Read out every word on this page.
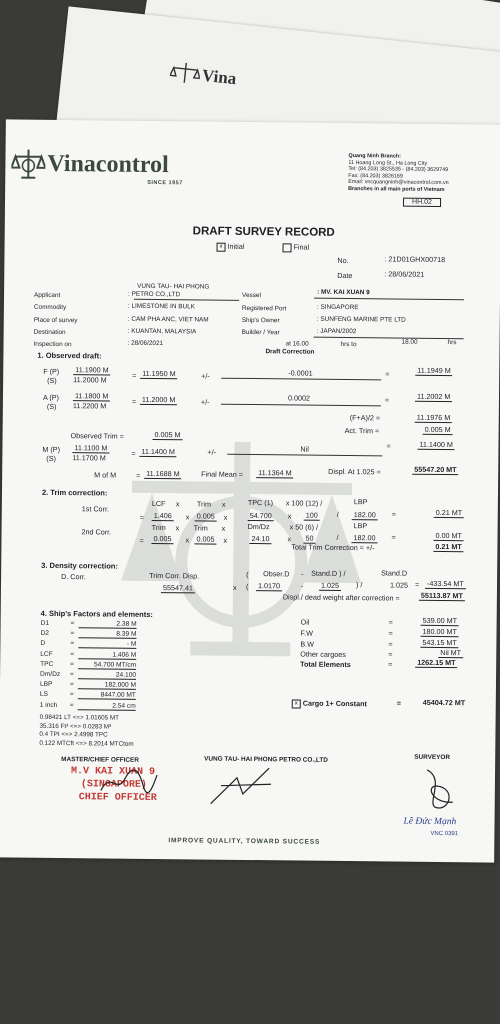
Vina
Vinacontrol
SINCE 1957
Quang Ninh Branch:
11 Hoang Long St., Ha Long City
Tel: (84.203) 3825535 - (84.203) 3629749
Fax: (84.203) 3826169
Email: vncquangninh@vinacontrol.com.vn
Branches in all main ports of Vietnam
HH.02
DRAFT SURVEY RECORD
x Initial	Final
No.	: 21D01GHX00718
Date	: 28/06/2021
VUNG TAU- HAI PHONG
Applicant	: PETRO CO.,LTD
Commodity	: LIMESTONE IN BULK
Place of survey	: CAM PHA ANC, VIET NAM
Destination	: KUANTAN, MALAYSIA
Inspection on	: 28/06/2021
Vessel	: MV. KAI XUAN 9
Registered Port	: SINGAPORE
Ship's Owner	: SUNFENG MARINE PTE LTD
Builder / Year	: JAPAN/2002
at 16.00	hrs to	18.00	hrs
1. Observed draft:	Draft Correction
F (P)
(S)
11.1900 M
11.2000 M	= 11.1950 M	+/-	-0.0001	=	11.1949 M
A (P)
(S)
11.1800 M
11.2200 M	= 11.2000 M	+/-	0.0002	=	11.2002 M
(F+A)/2 =	11.1976 M
Act. Trim =	0.005 M
Observed Trim =	0.005 M
M (P)
(S)
11.1100 M
11.1700 M	= 11.1400 M	+/-	Nil	=	11.1400 M
M of M	= 11.1688 M	Final Mean = 11.1364 M	Displ. At 1.025 =	55547.20 MT
2. Trim correction:
1st Corr.
LCF x Trim x	TPC (1) x 100 (12) /	LBP
= 1.406 x 0.005 x	54.700 x 100	/ 182.00 =	0.21 MT
2nd Corr.	Trim x Trim x	Dm/Dz	x 50 (6) /	LBP
= 0.005 x 0.005 x	24.10 x 50	/ 182.00 =	0.00 MT
Total Trim Correction = +/-	0.21 MT
3. Density correction:
D. Corr.	Trim Corr. Disp.	( Obser.D - Stand.D ) /	Stand.D
55547.41	x ( 1.0170	- 1.025 ) /	1.025 = -433.54 MT
Displ./ dead weight after correction =	55113.87 MT
4. Ship's Factors and elements:
D1	=	2.38 M
D2	=	8.39 M
D	=	- M
LCF	=	1.406 M
TPC	=	54.700 MT/cm
Dm/Dz =	24.100
LBP	=	182.000 M
LS	=	8447.00 MT
1 inch =	2.54 cm
0.98421 LT <=> 1.01605 MT
35.316 Ft³ <=> 0.0283 M³
0.4 TPI <=> 2.4998 TPC
0.122 MTCft <=> 8.2014 MTCtom
Oil	=	539.00 MT
F.W	=	180.00 MT
B.W	=	543.15 MT
Other cargoes	=	Nil MT
Total Elements	=	1262.15 MT
x Cargo 1+ Constant	=	45404.72 MT
MASTER/CHIEF OFFICER	VUNG TAU- HAI PHONG PETRO CO.,LTD	SURVEYOR
M.V KAI XUAN 9
(SINGAPORE)
CHIEF OFFICER
Lê Đức Mạnh
VNC 0391
IMPROVE QUALITY, TOWARD SUCCESS
